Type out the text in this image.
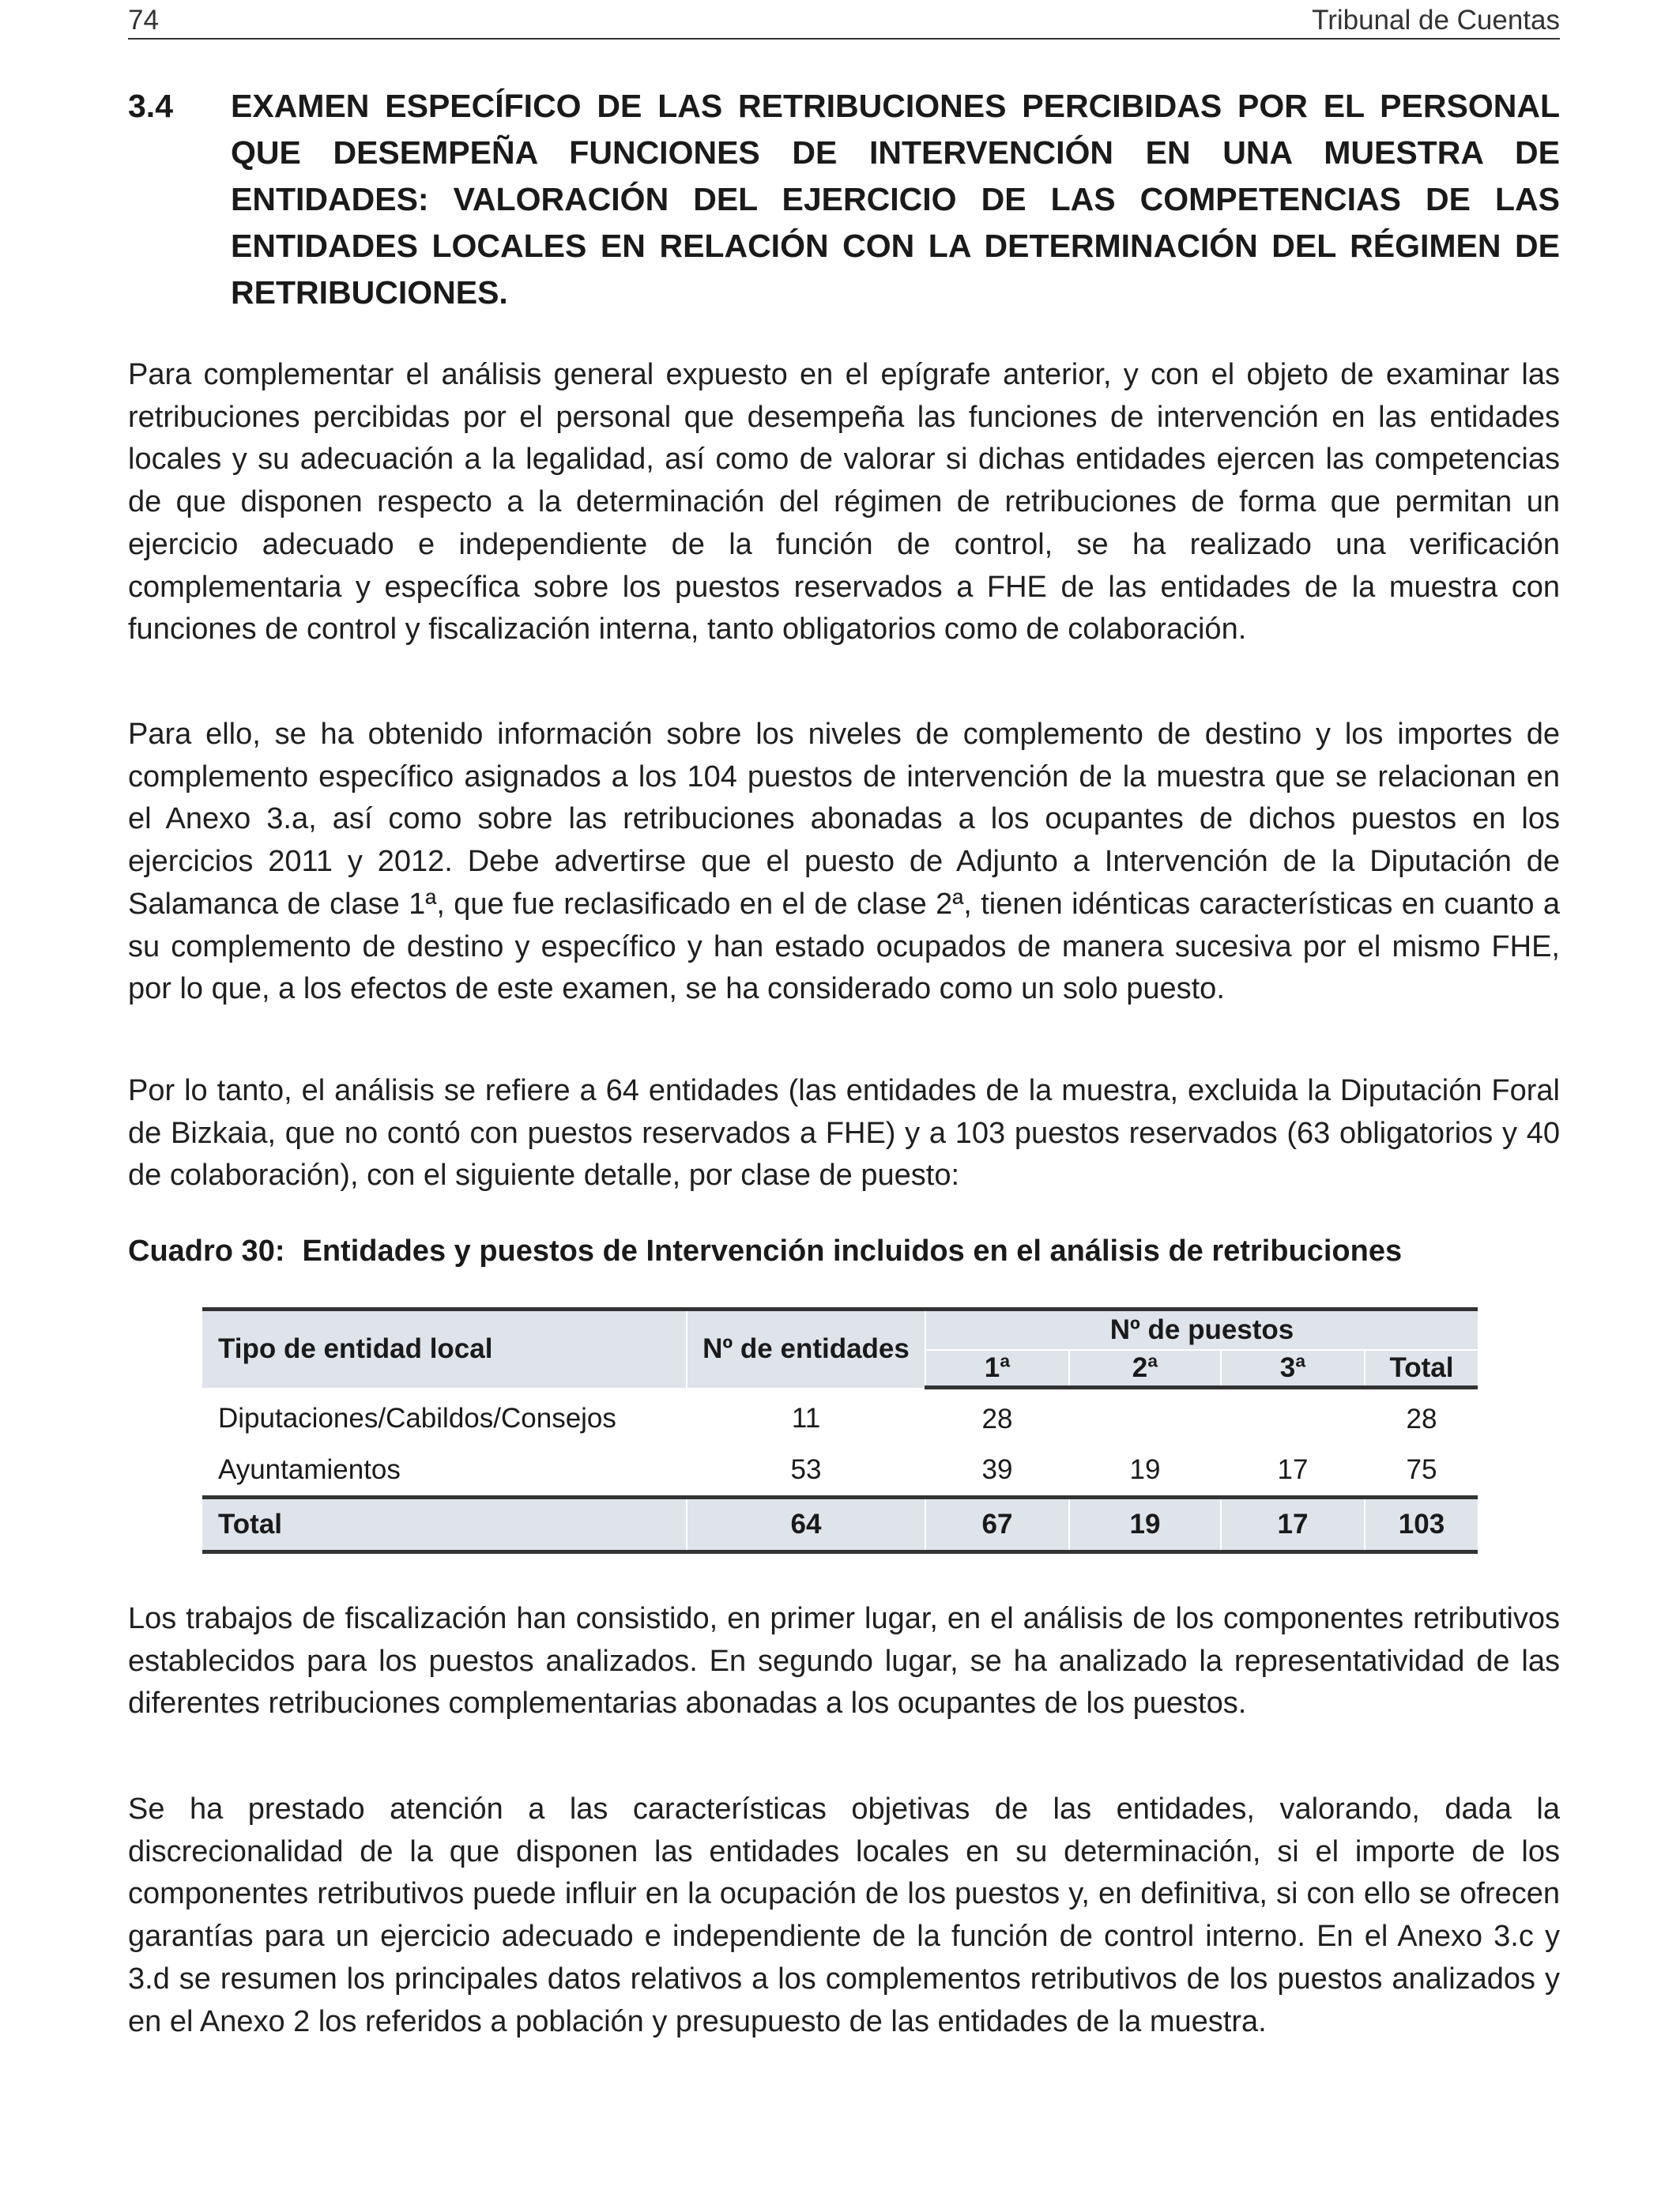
74	Tribunal de Cuentas
3.4	EXAMEN ESPECÍFICO DE LAS RETRIBUCIONES PERCIBIDAS POR EL PERSONAL QUE DESEMPEÑA FUNCIONES DE INTERVENCIÓN EN UNA MUESTRA DE ENTIDADES: VALORACIÓN DEL EJERCICIO DE LAS COMPETENCIAS DE LAS ENTIDADES LOCALES EN RELACIÓN CON LA DETERMINACIÓN DEL RÉGIMEN DE RETRIBUCIONES.

Para complementar el análisis general expuesto en el epígrafe anterior, y con el objeto de examinar las retribuciones percibidas por el personal que desempeña las funciones de intervención en las entidades locales y su adecuación a la legalidad, así como de valorar si dichas entidades ejercen las competencias de que disponen respecto a la determinación del régimen de retribuciones de forma que permitan un ejercicio adecuado e independiente de la función de control, se ha realizado una verificación complementaria y específica sobre los puestos reservados a FHE de las entidades de la muestra con funciones de control y fiscalización interna, tanto obligatorios como de colaboración.

Para ello, se ha obtenido información sobre los niveles de complemento de destino y los importes de complemento específico asignados a los 104 puestos de intervención de la muestra que se relacionan en el Anexo 3.a, así como sobre las retribuciones abonadas a los ocupantes de dichos puestos en los ejercicios 2011 y 2012. Debe advertirse que el puesto de Adjunto a Intervención de la Diputación de Salamanca de clase 1ª, que fue reclasificado en el de clase 2ª, tienen idénticas características en cuanto a su complemento de destino y específico y han estado ocupados de manera sucesiva por el mismo FHE, por lo que, a los efectos de este examen, se ha considerado como un solo puesto.

Por lo tanto, el análisis se refiere a 64 entidades (las entidades de la muestra, excluida la Diputación Foral de Bizkaia, que no contó con puestos reservados a FHE) y a 103 puestos reservados (63 obligatorios y 40 de colaboración), con el siguiente detalle, por clase de puesto:

Cuadro 30: Entidades y puestos de Intervención incluidos en el análisis de retribuciones
Tipo de entidad local	Nº de entidades	Nº de puestos			
		1ª	2ª	3ª	Total
Diputaciones/Cabildos/Consejos	11	28			28
Ayuntamientos	53	39	19	17	75
Total	64	67	19	17	103

Los trabajos de fiscalización han consistido, en primer lugar, en el análisis de los componentes retributivos establecidos para los puestos analizados. En segundo lugar, se ha analizado la representatividad de las diferentes retribuciones complementarias abonadas a los ocupantes de los puestos.

Se ha prestado atención a las características objetivas de las entidades, valorando, dada la discrecionalidad de la que disponen las entidades locales en su determinación, si el importe de los componentes retributivos puede influir en la ocupación de los puestos y, en definitiva, si con ello se ofrecen garantías para un ejercicio adecuado e independiente de la función de control interno. En el Anexo 3.c y 3.d se resumen los principales datos relativos a los complementos retributivos de los puestos analizados y en el Anexo 2 los referidos a población y presupuesto de las entidades de la muestra.
